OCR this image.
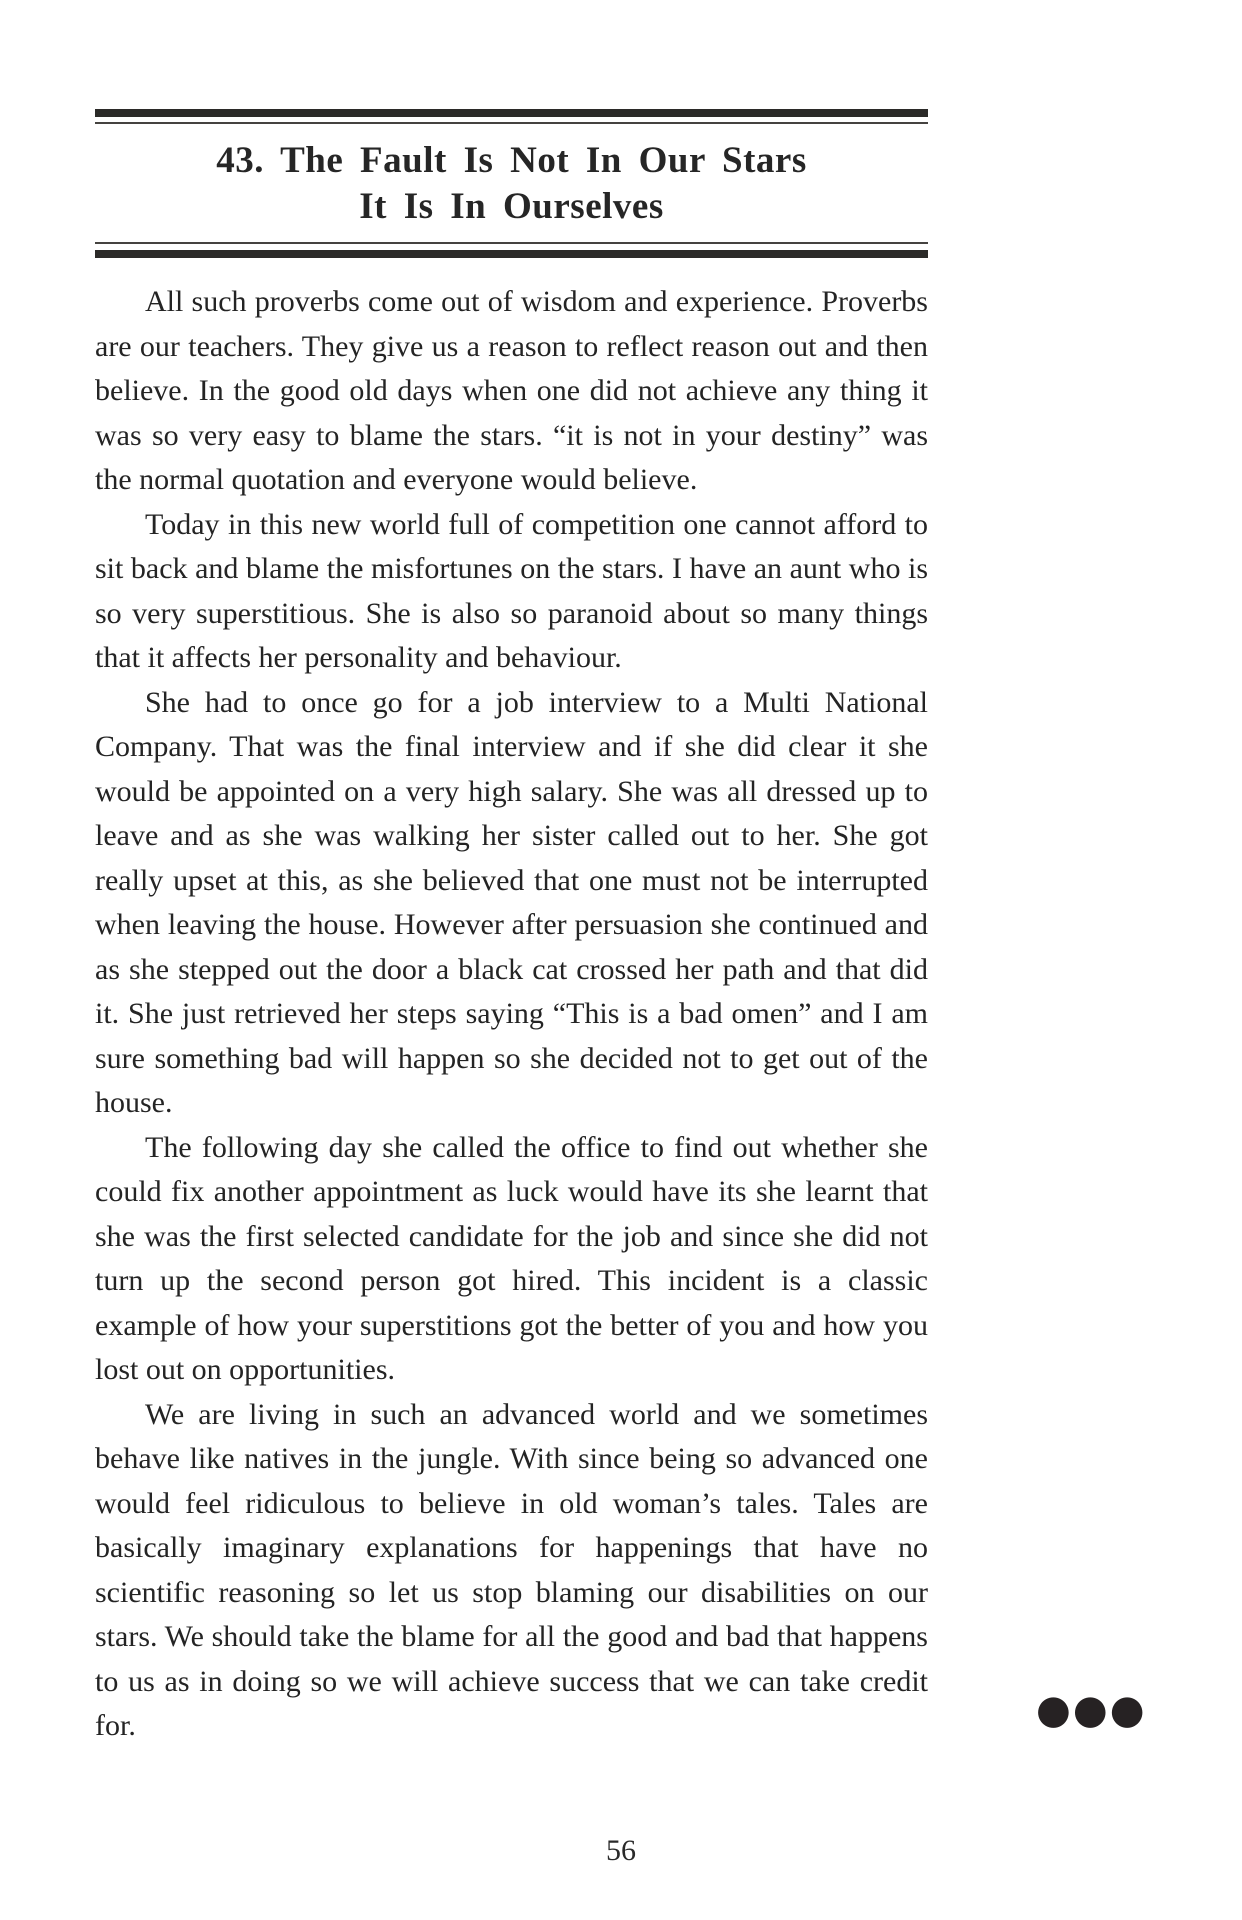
43. The Fault Is Not In Our Stars
It Is In Ourselves

All such proverbs come out of wisdom and experience. Proverbs are our teachers. They give us a reason to reflect reason out and then believe. In the good old days when one did not achieve any thing it was so very easy to blame the stars. “it is not in your destiny” was the normal quotation and everyone would believe.

Today in this new world full of competition one cannot afford to sit back and blame the misfortunes on the stars. I have an aunt who is so very superstitious. She is also so paranoid about so many things that it affects her personality and behaviour.

She had to once go for a job interview to a Multi National Company. That was the final interview and if she did clear it she would be appointed on a very high salary. She was all dressed up to leave and as she was walking her sister called out to her. She got really upset at this, as she believed that one must not be interrupted when leaving the house. However after persuasion she continued and as she stepped out the door a black cat crossed her path and that did it. She just retrieved her steps saying “This is a bad omen” and I am sure something bad will happen so she decided not to get out of the house.

The following day she called the office to find out whether she could fix another appointment as luck would have its she learnt that she was the first selected candidate for the job and since she did not turn up the second person got hired. This incident is a classic example of how your superstitions got the better of you and how you lost out on opportunities.

We are living in such an advanced world and we sometimes behave like natives in the jungle. With since being so advanced one would feel ridiculous to believe in old woman’s tales. Tales are basically imaginary explanations for happenings that have no scientific reasoning so let us stop blaming our disabilities on our stars. We should take the blame for all the good and bad that happens to us as in doing so we will achieve success that we can take credit for.	●●●
56
